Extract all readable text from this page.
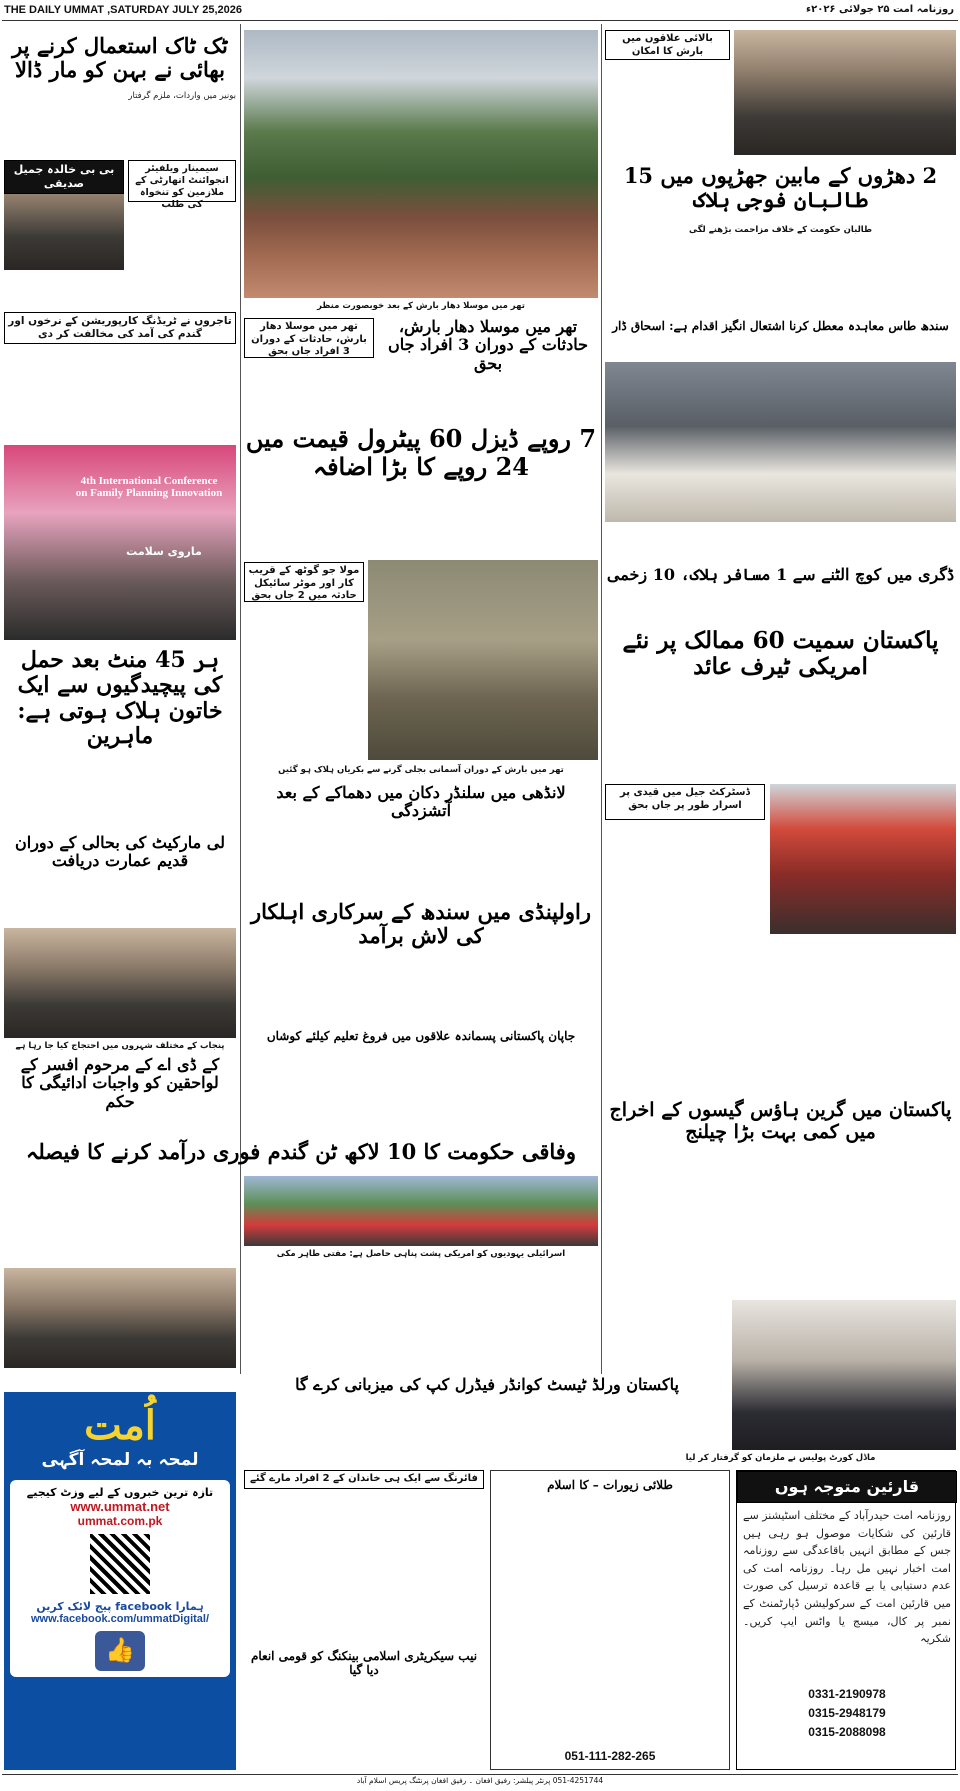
THE DAILY UMMAT ,SATURDAY JULY 25,2026	روزنامہ امت ۲۵ جولائی ۲۰۲۶ء
ٹک ٹاک استعمال کرنے پر بھائی نے بہن کو مار ڈالا
بونیر میں واردات، ملزم گرفتار
بی بی خالدہ جمیل صدیقی
سیمینار ویلفیئر انجوائنٹ اتھارٹی کے ملازمین کو تنخواہ کی طلب
تاجروں نے ٹریڈنگ کارپوریشن کے نرخوں اور گندم کی آمد کی مخالفت کر دی
4th International Conference on Family Planning Innovation
ماروی سلامت
ہر 45 منٹ بعد حمل کی پیچیدگیوں سے ایک خاتون ہلاک ہوتی ہے: ماہرین
لی مارکیٹ کی بحالی کے دوران قدیم عمارت دریافت
پنجاب کے مختلف شہروں میں احتجاج کیا جا رہا ہے
کے ڈی اے کے مرحوم افسر کے لواحقین کو واجبات ادائیگی کا حکم
وفاقی حکومت کا 10 لاکھ ٹن گندم فوری درآمد کرنے کا فیصلہ
تھر میں موسلا دھار بارش کے بعد خوبصورت منظر
تھر میں موسلا دھار بارش، حادثات کے دوران 3 افراد جاں بحق
تھر میں موسلا دھار بارش، حادثات کے دوران 3 افراد جاں بحق
7 روپے ڈیزل 60 پیٹرول قیمت میں 24 روپے کا بڑا اضافہ
مولا جو گوٹھ کے قریب کار اور موٹر سائیکل حادثہ میں 2 جاں بحق
تھر میں بارش کے دوران آسمانی بجلی گرنے سے بکریاں ہلاک ہو گئیں
لانڈھی میں سلنڈر دکان میں دھماکے کے بعد آتشزدگی
راولپنڈی میں سندھ کے سرکاری اہلکار کی لاش برآمد
جاپان پاکستانی پسماندہ علاقوں میں فروغ تعلیم کیلئے کوشاں
اسرائیلی یہودیوں کو امریکی پشت پناہی حاصل ہے: مفتی طاہر مکی
بالائی علاقوں میں بارش کا امکان
2 دھڑوں کے مابین جھڑپوں میں 15 طالبان فوجی ہلاک
طالبان حکومت کے خلاف مزاحمت بڑھنے لگی
سندھ طاس معاہدہ معطل کرنا اشتعال انگیز اقدام ہے: اسحاق ڈار
پاکستان سمیت 60 ممالک پر نئے امریکی ٹیرف عائد
ڈگری میں کوچ الٹنے سے 1 مسافر ہلاک، 10 زخمی
ڈسٹرکٹ جیل میں قیدی پر اسرار طور پر جاں بحق
پاکستان میں گرین ہاؤس گیسوں کے اخراج میں کمی بہت بڑا چیلنج
ماڈل کورٹ پولیس نے ملزمان کو گرفتار کر لیا
طلائی زیورات – کا اسلام
051-111-282-265
قارئین متوجہ ہوں
روزنامہ امت حیدرآباد کے مختلف اسٹیشنز سے قارئین کی شکایات موصول ہو رہی ہیں جس کے مطابق انہیں باقاعدگی سے روزنامہ امت اخبار نہیں مل رہا۔ روزنامہ امت کی عدم دستیابی یا بے قاعدہ ترسیل کی صورت میں قارئین امت کے سرکولیشن ڈپارٹمنٹ کے نمبر پر کال، میسج یا واٹس ایپ کریں۔ شکریہ
0331-2190978
0315-2948179
0315-2088098
پاکستان ورلڈ ٹیسٹ کوانڈر فیڈرل کپ کی میزبانی کرے گا
فائرنگ سے ایک ہی خاندان کے 2 افراد مارے گئے
نیب سیکریٹری اسلامی بینکنگ کو قومی انعام دیا گیا
اُمت
لمحہ بہ لمحہ آگہی
تازہ ترین خبروں کے لیے وزٹ کیجیے
www.ummat.net
ummat.com.pk
ہمارا facebook پیج لائک کریں
www.facebook.com/ummatDigital/
👍
051-4251744 پرنٹر پبلشر: رفیق افغان ۔ رفیق افغان پرنٹنگ پریس اسلام آباد
